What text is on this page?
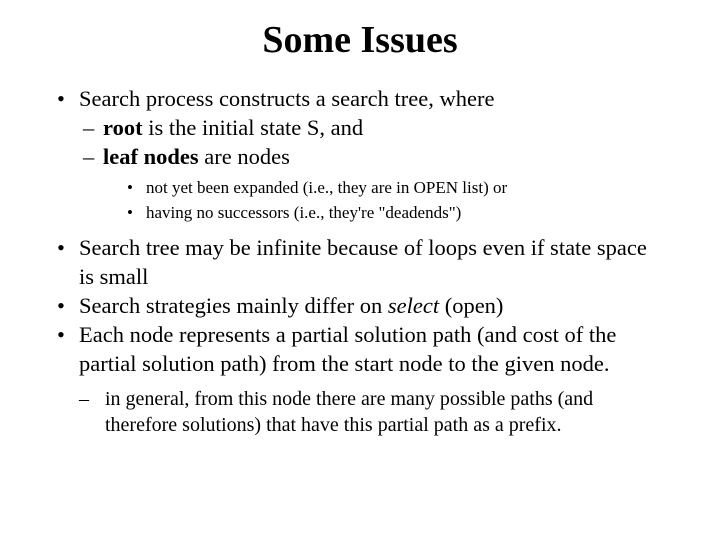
Some Issues
• Search process constructs a search tree, where
– root is the initial state S, and
– leaf nodes are nodes
• not yet been expanded (i.e., they are in OPEN list) or
• having no successors (i.e., they're "deadends")
• Search tree may be infinite because of loops even if state space is small
• Search strategies mainly differ on select (open)
• Each node represents a partial solution path (and cost of the partial solution path) from the start node to the given node.
– in general, from this node there are many possible paths (and therefore solutions) that have this partial path as a prefix.
